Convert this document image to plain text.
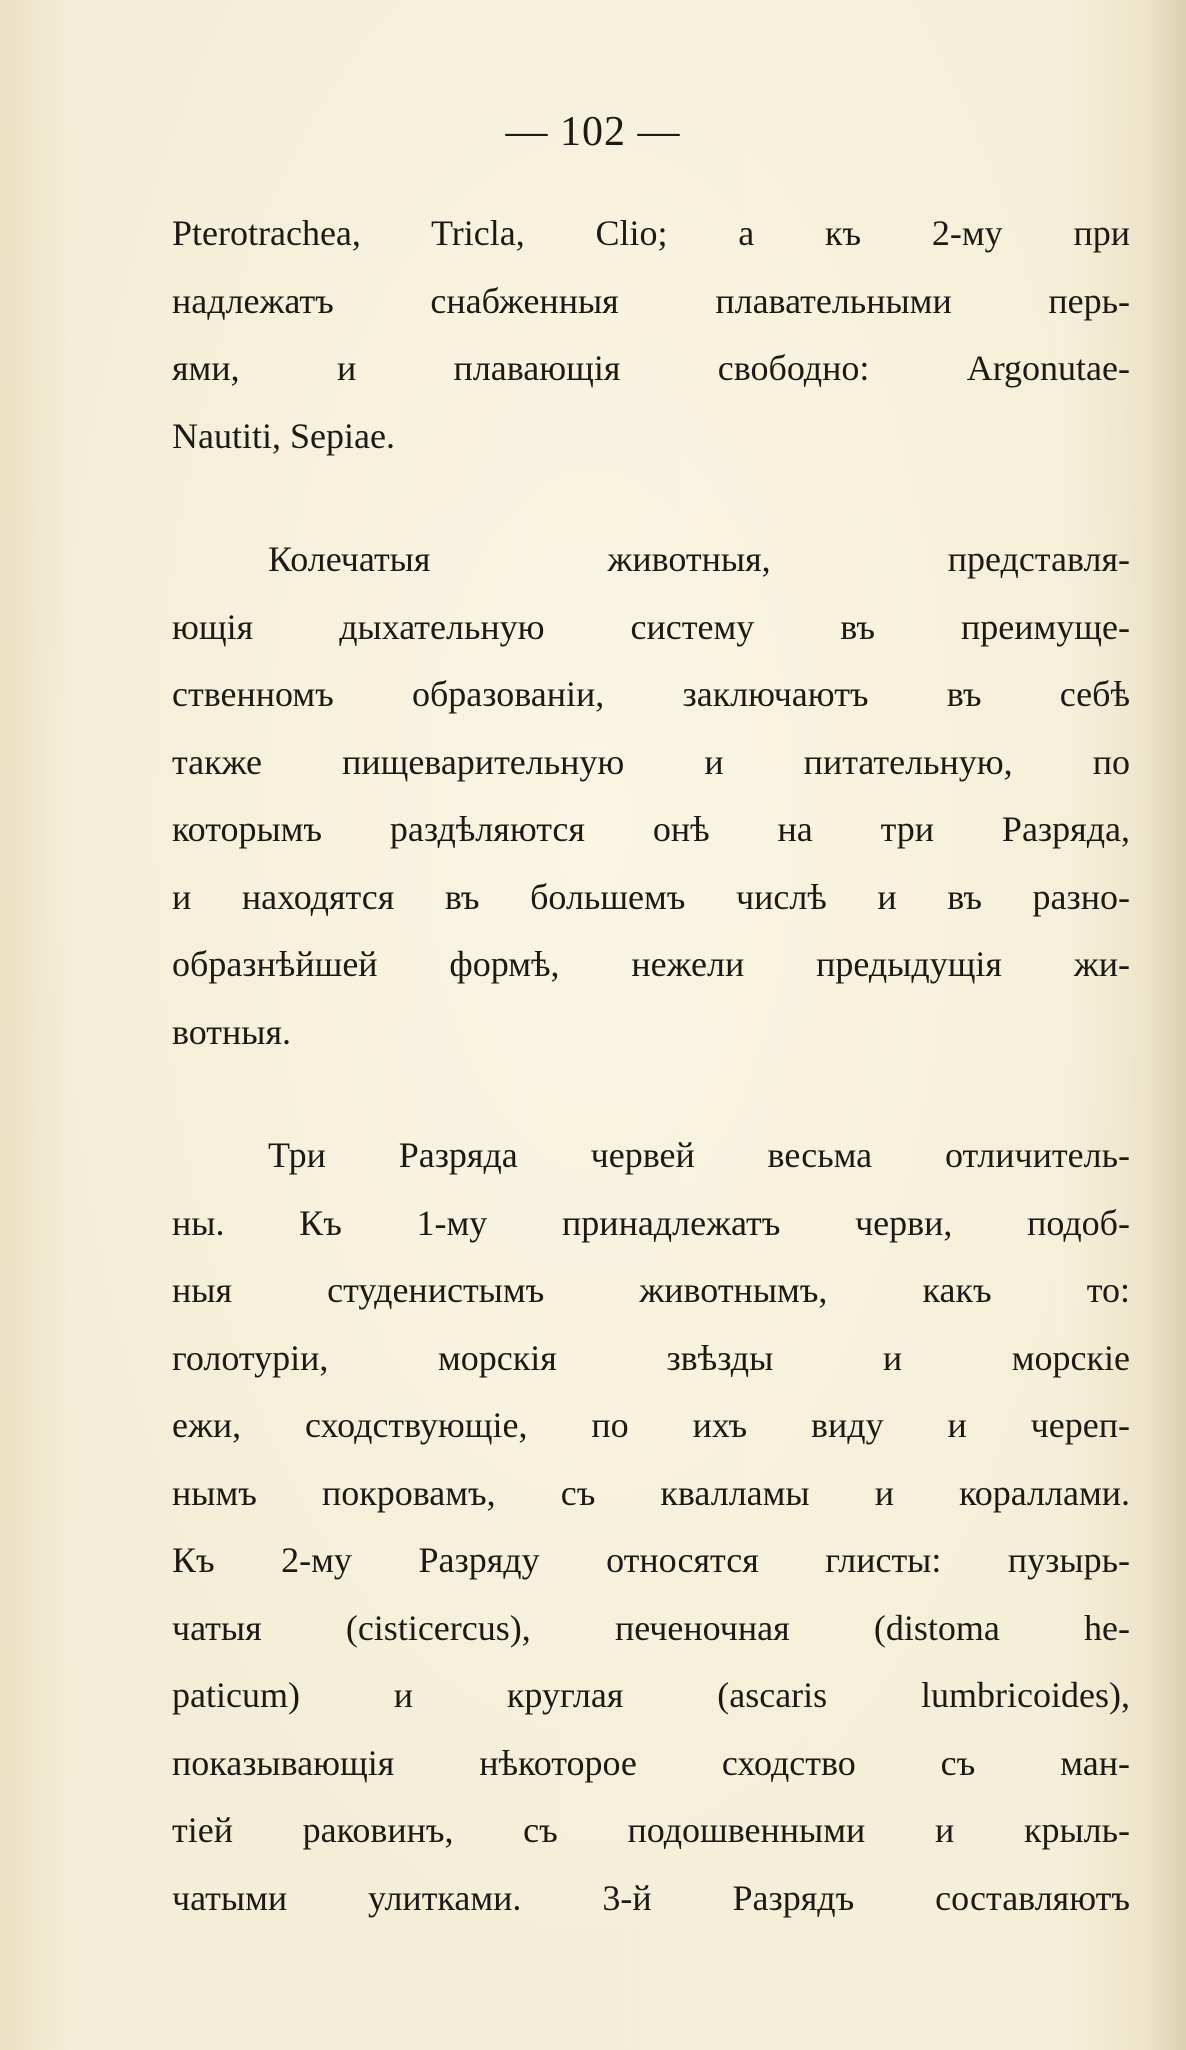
— 102 —
Pterotrachea, Tricla, Clio; а къ 2-му при
надлежатъ снабженныя плавательными перь-
ями, и плавающія свободно: Argonutae-
Nautiti, Sepiae.
Колечатыя животныя, представля-
ющія дыхательную систему въ преимуще-
ственномъ образованіи, заключаютъ въ себѣ
также пищеварительную и питательную, по
которымъ раздѣляются онѣ на три Разряда,
и находятся въ большемъ числѣ и въ разно-
образнѣйшей формѣ, нежели предыдущія жи-
вотныя.
Три Разряда червей весьма отличитель-
ны. Къ 1-му принадлежатъ черви, подоб-
ныя студенистымъ животнымъ, какъ то:
голотуріи, морскія звѣзды и морскіе
ежи, сходствующіе, по ихъ виду и череп-
нымъ покровамъ, съ квалламы и кораллами.
Къ 2-му Разряду относятся глисты: пузырь-
чатыя (cisticercus), печеночная (distoma he-
paticum) и круглая (ascaris lumbricoides),
показывающія нѣкоторое сходство съ ман-
тіей раковинъ, съ подошвенными и крыль-
чатыми улитками. 3-й Разрядъ составляютъ
